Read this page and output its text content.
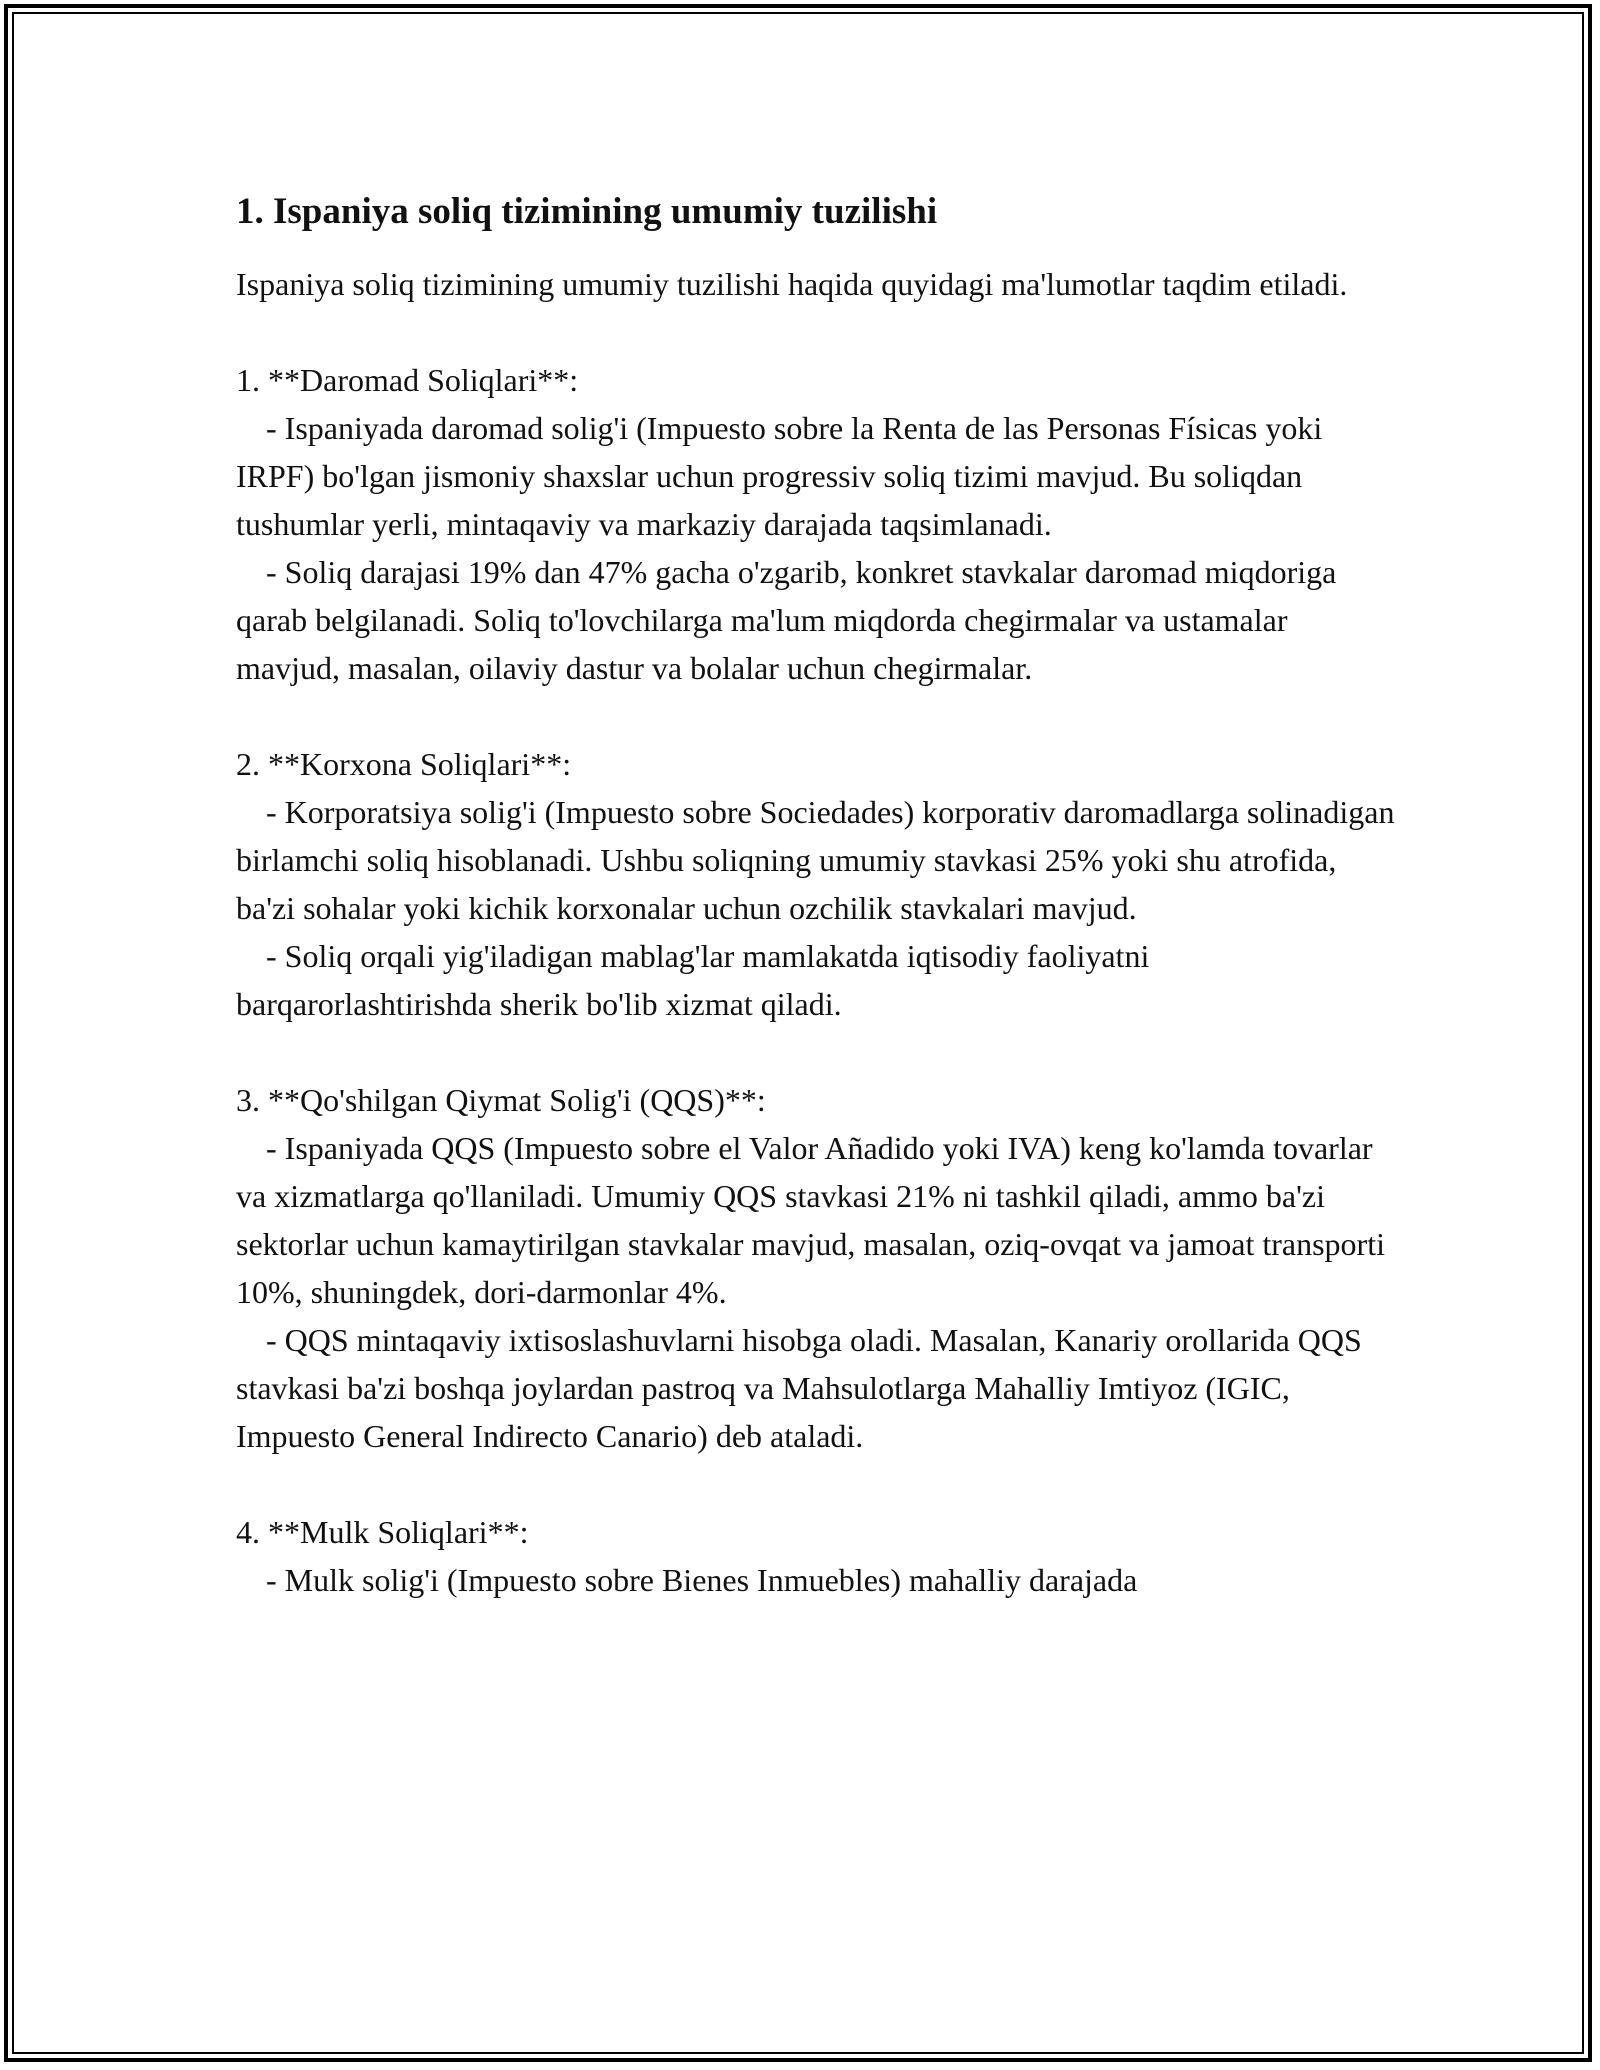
1. Ispaniya soliq tizimining umumiy tuzilishi

Ispaniya soliq tizimining umumiy tuzilishi haqida quyidagi ma'lumotlar taqdim etiladi.

1. **Daromad Soliqlari**:

- Ispaniyada daromad solig'i (Impuesto sobre la Renta de las Personas Físicas yoki IRPF) bo'lgan jismoniy shaxslar uchun progressiv soliq tizimi mavjud. Bu soliqdan tushumlar yerli, mintaqaviy va markaziy darajada taqsimlanadi.

- Soliq darajasi 19% dan 47% gacha o'zgarib, konkret stavkalar daromad miqdoriga qarab belgilanadi. Soliq to'lovchilarga ma'lum miqdorda chegirmalar va ustamalar mavjud, masalan, oilaviy dastur va bolalar uchun chegirmalar.

2. **Korxona Soliqlari**:

- Korporatsiya solig'i (Impuesto sobre Sociedades) korporativ daromadlarga solinadigan birlamchi soliq hisoblanadi. Ushbu soliqning umumiy stavkasi 25% yoki shu atrofida, ba'zi sohalar yoki kichik korxonalar uchun ozchilik stavkalari mavjud.

- Soliq orqali yig'iladigan mablag'lar mamlakatda iqtisodiy faoliyatni barqarorlashtirishda sherik bo'lib xizmat qiladi.

3. **Qo'shilgan Qiymat Solig'i (QQS)**:

- Ispaniyada QQS (Impuesto sobre el Valor Añadido yoki IVA) keng ko'lamda tovarlar va xizmatlarga qo'llaniladi. Umumiy QQS stavkasi 21% ni tashkil qiladi, ammo ba'zi sektorlar uchun kamaytirilgan stavkalar mavjud, masalan, oziq-ovqat va jamoat transporti 10%, shuningdek, dori-darmonlar 4%.

- QQS mintaqaviy ixtisoslashuvlarni hisobga oladi. Masalan, Kanariy orollarida QQS stavkasi ba'zi boshqa joylardan pastroq va Mahsulotlarga Mahalliy Imtiyoz (IGIC, Impuesto General Indirecto Canario) deb ataladi.

4. **Mulk Soliqlari**:

- Mulk solig'i (Impuesto sobre Bienes Inmuebles) mahalliy darajada
